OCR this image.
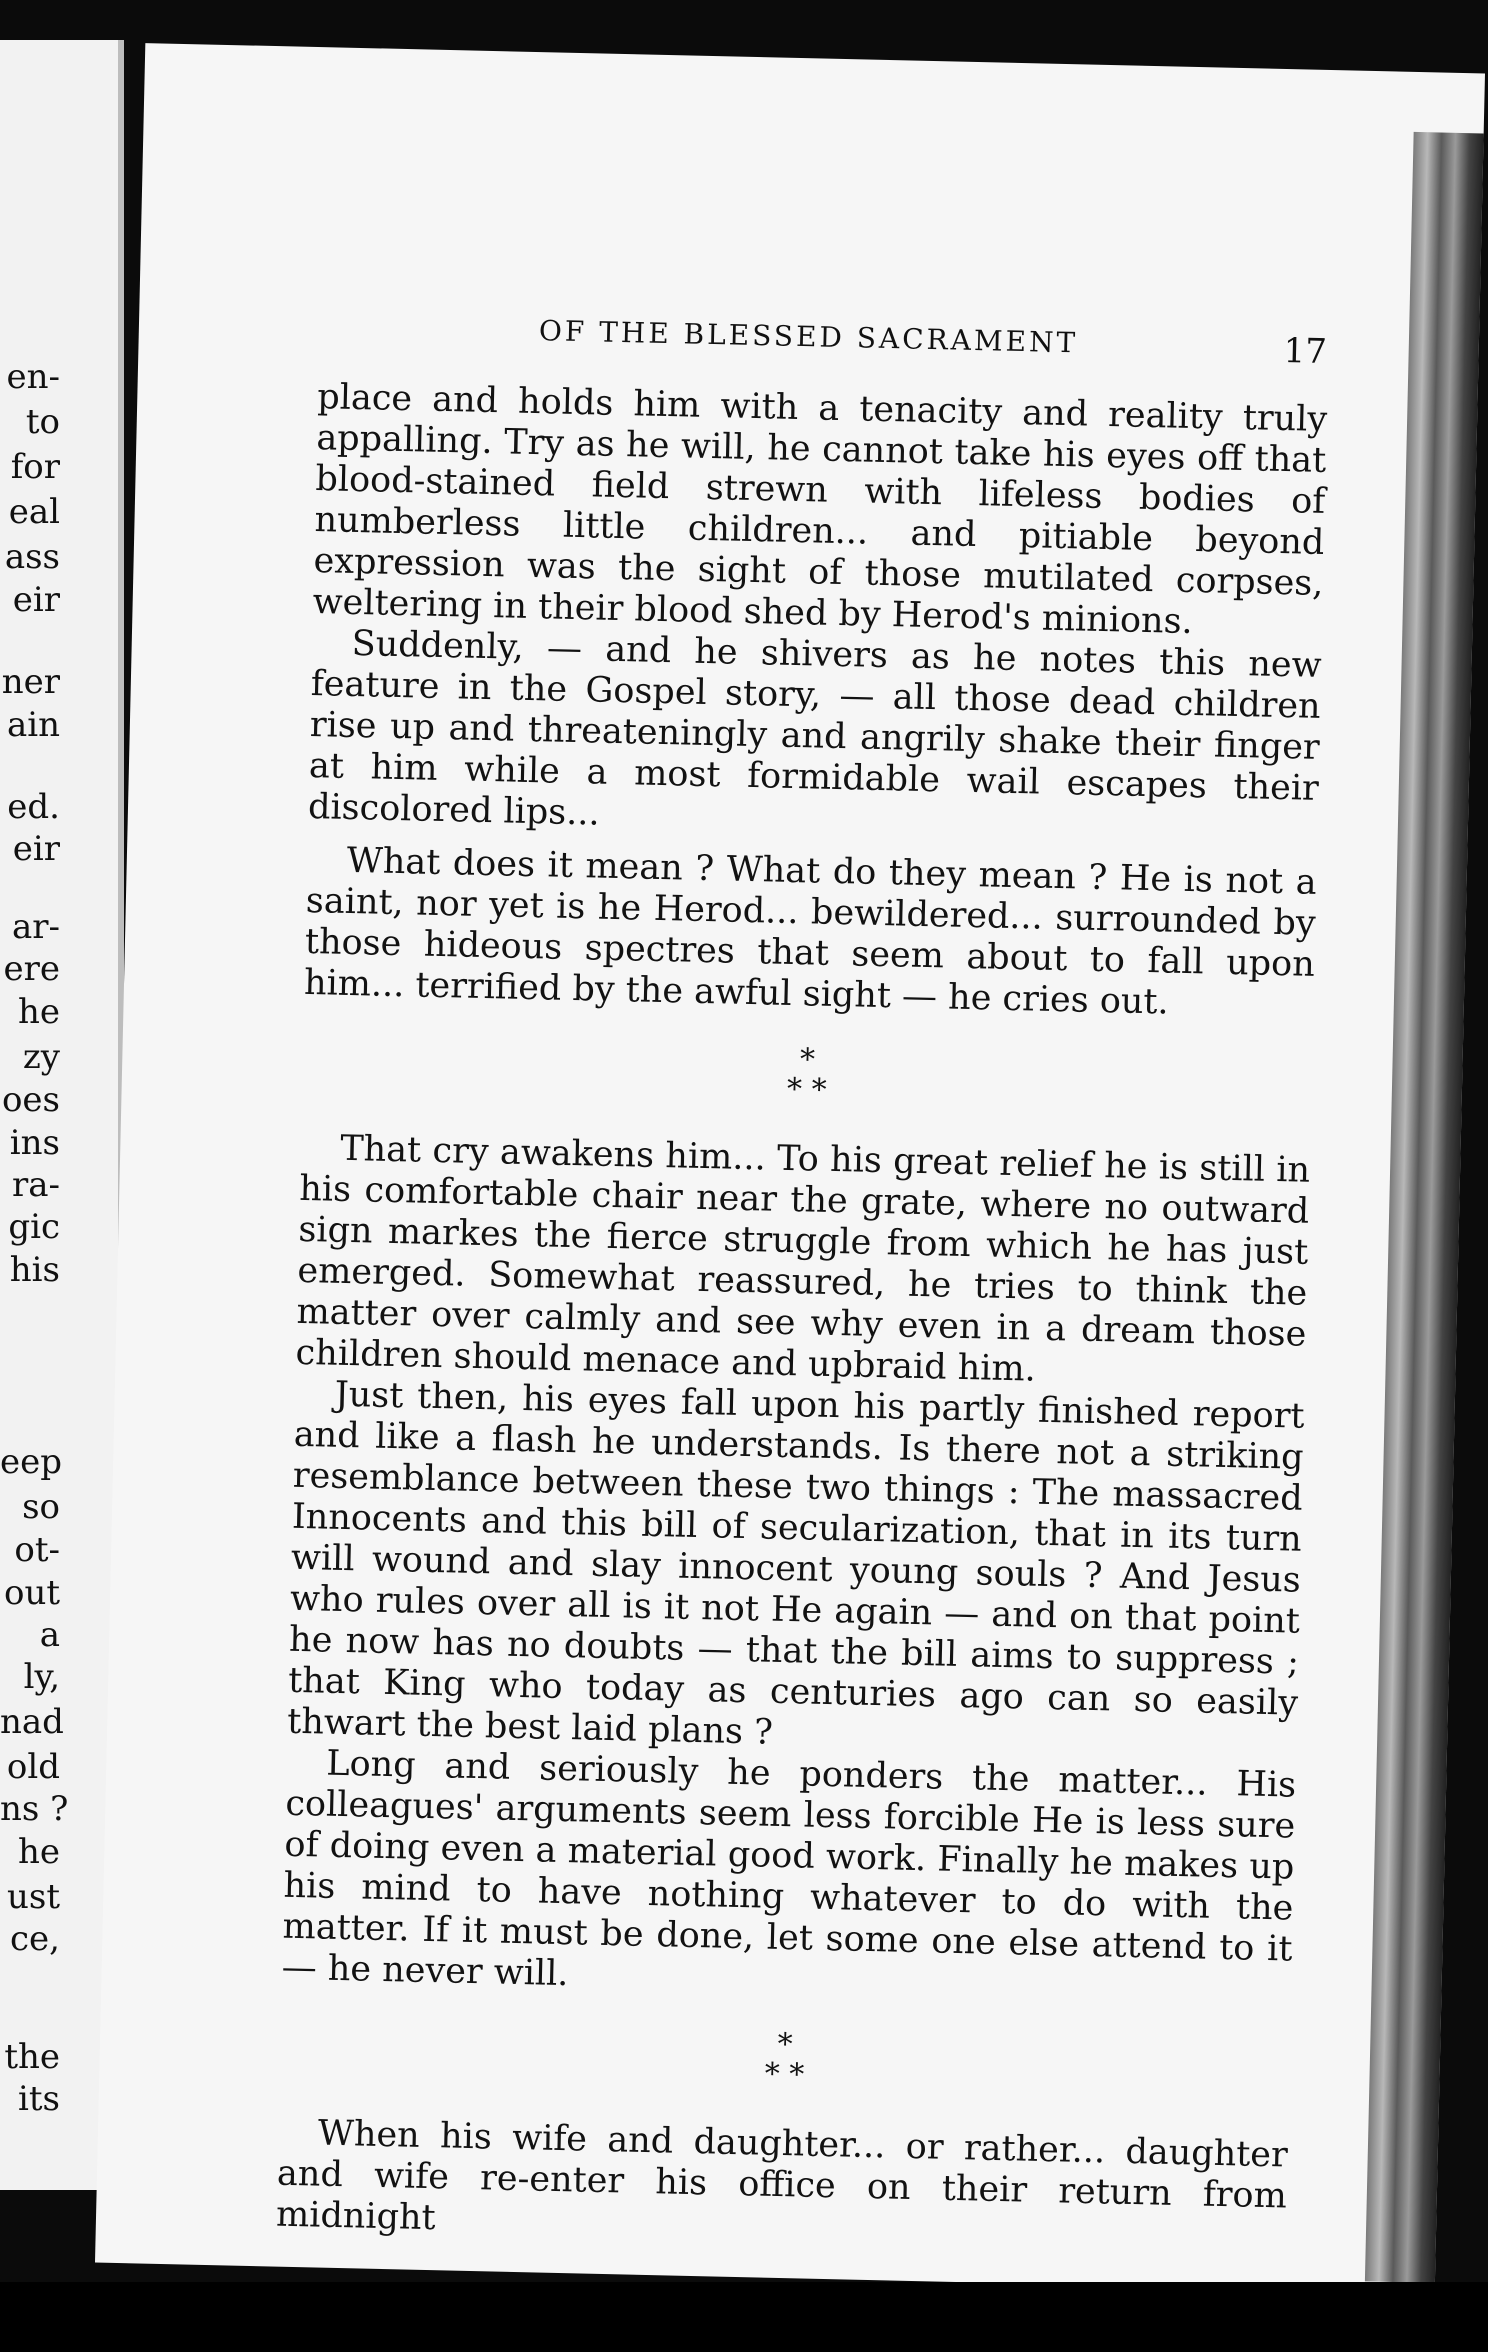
en-
to
for
eal
ass
eir
ner
ain
ed.
eir
ar-
ere
he
zy
oes
ins
ra-
gic
his
eep
so
ot-
out
a
ly,
nad
old
ns ?
he
ust
ce,
the
its
OF THE BLESSED SACRAMENT	17

place and holds him with a tenacity and reality truly appalling. Try as he will, he cannot take his eyes off that blood-stained field strewn with lifeless bodies of numberless little children... and pitiable beyond expression was the sight of those mutilated corpses, weltering in their blood shed by Herod's minions.

Suddenly, — and he shivers as he notes this new feature in the Gospel story, — all those dead children rise up and threateningly and angrily shake their finger at him while a most formidable wail escapes their discolored lips...

What does it mean ? What do they mean ? He is not a saint, nor yet is he Herod... bewildered... surrounded by those hideous spectres that seem about to fall upon him... terrified by the awful sight — he cries out.

*
* *

That cry awakens him... To his great relief he is still in his comfortable chair near the grate, where no outward sign markes the fierce struggle from which he has just emerged. Somewhat reassured, he tries to think the matter over calmly and see why even in a dream those children should menace and upbraid him.

Just then, his eyes fall upon his partly finished report and like a flash he understands. Is there not a striking resemblance between these two things : The massacred Innocents and this bill of secularization, that in its turn will wound and slay innocent young souls ? And Jesus who rules over all is it not He again — and on that point he now has no doubts — that the bill aims to suppress ; that King who today as centuries ago can so easily thwart the best laid plans ?

Long and seriously he ponders the matter... His colleagues' arguments seem less forcible He is less sure of doing even a material good work. Finally he makes up his mind to have nothing whatever to do with the matter. If it must be done, let some one else attend to it — he never will.

*
* *

When his wife and daughter... or rather... daughter and wife re-enter his office on their return from midnight
